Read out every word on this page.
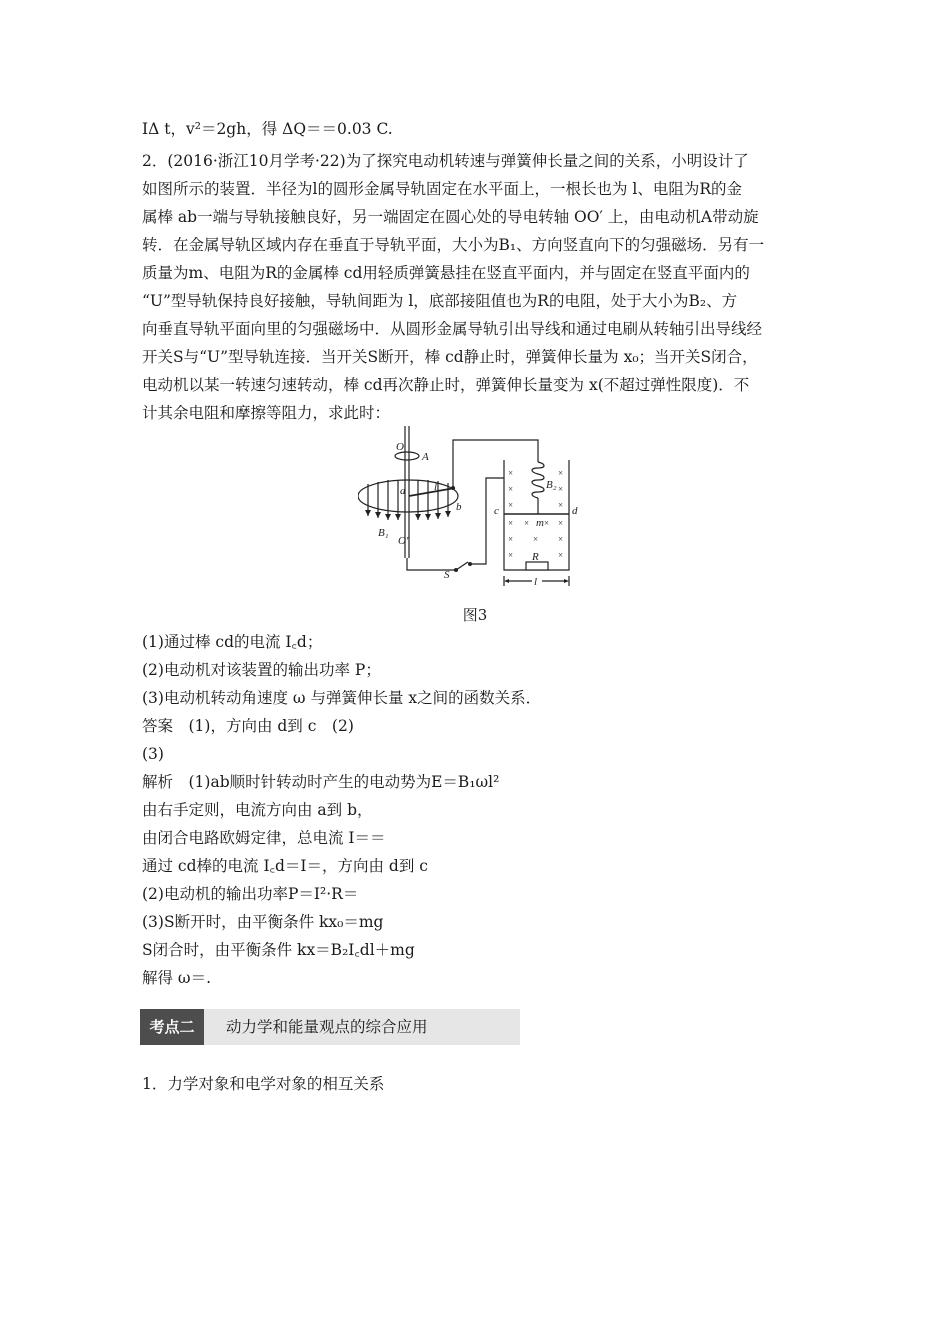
IΔ t，v²＝2gh，得 ΔQ＝＝0.03 C.
2．(2016·浙江10月学考·22)为了探究电动机转速与弹簧伸长量之间的关系，小明设计了
如图所示的装置．半径为l的圆形金属导轨固定在水平面上，一根长也为 l、电阻为R的金
属棒 ab一端与导轨接触良好，另一端固定在圆心处的导电转轴 OO′ 上，由电动机A带动旋
转．在金属导轨区域内存在垂直于导轨平面，大小为B₁、方向竖直向下的匀强磁场．另有一
质量为m、电阻为R的金属棒 cd用轻质弹簧悬挂在竖直平面内，并与固定在竖直平面内的
“U”型导轨保持良好接触，导轨间距为 l，底部接阻值也为R的电阻，处于大小为B₂、方
向垂直导轨平面向里的匀强磁场中．从圆形金属导轨引出导线和通过电刷从转轴引出导线经
开关S与“U”型导轨连接．当开关S断开，棒 cd静止时，弹簧伸长量为 x₀；当开关S闭合，
电动机以某一转速匀速转动，棒 cd再次静止时，弹簧伸长量变为 x(不超过弹性限度)．不
计其余电阻和摩擦等阻力，求此时：
O
A
a	l
b
O′
B₁
S
c	d
B₂
m
R
l
×	×
×	×
×	×
× ×
×	×
× × ×
×	×
图3
(1)通过棒 cd的电流 I꜀d；
(2)电动机对该装置的输出功率 P；
(3)电动机转动角速度 ω 与弹簧伸长量 x之间的函数关系．
答案　(1)，方向由 d到 c　(2)
(3)
解析　(1)ab顺时针转动时产生的电动势为E＝B₁ωl²
由右手定则，电流方向由 a到 b，
由闭合电路欧姆定律，总电流 I＝＝
通过 cd棒的电流 I꜀d＝I＝，方向由 d到 c
(2)电动机的输出功率P＝I²·R＝
(3)S断开时，由平衡条件 kx₀＝mg
S闭合时，由平衡条件 kx＝B₂I꜀dl＋mg
解得 ω＝.
考点二	动力学和能量观点的综合应用
1．力学对象和电学对象的相互关系
